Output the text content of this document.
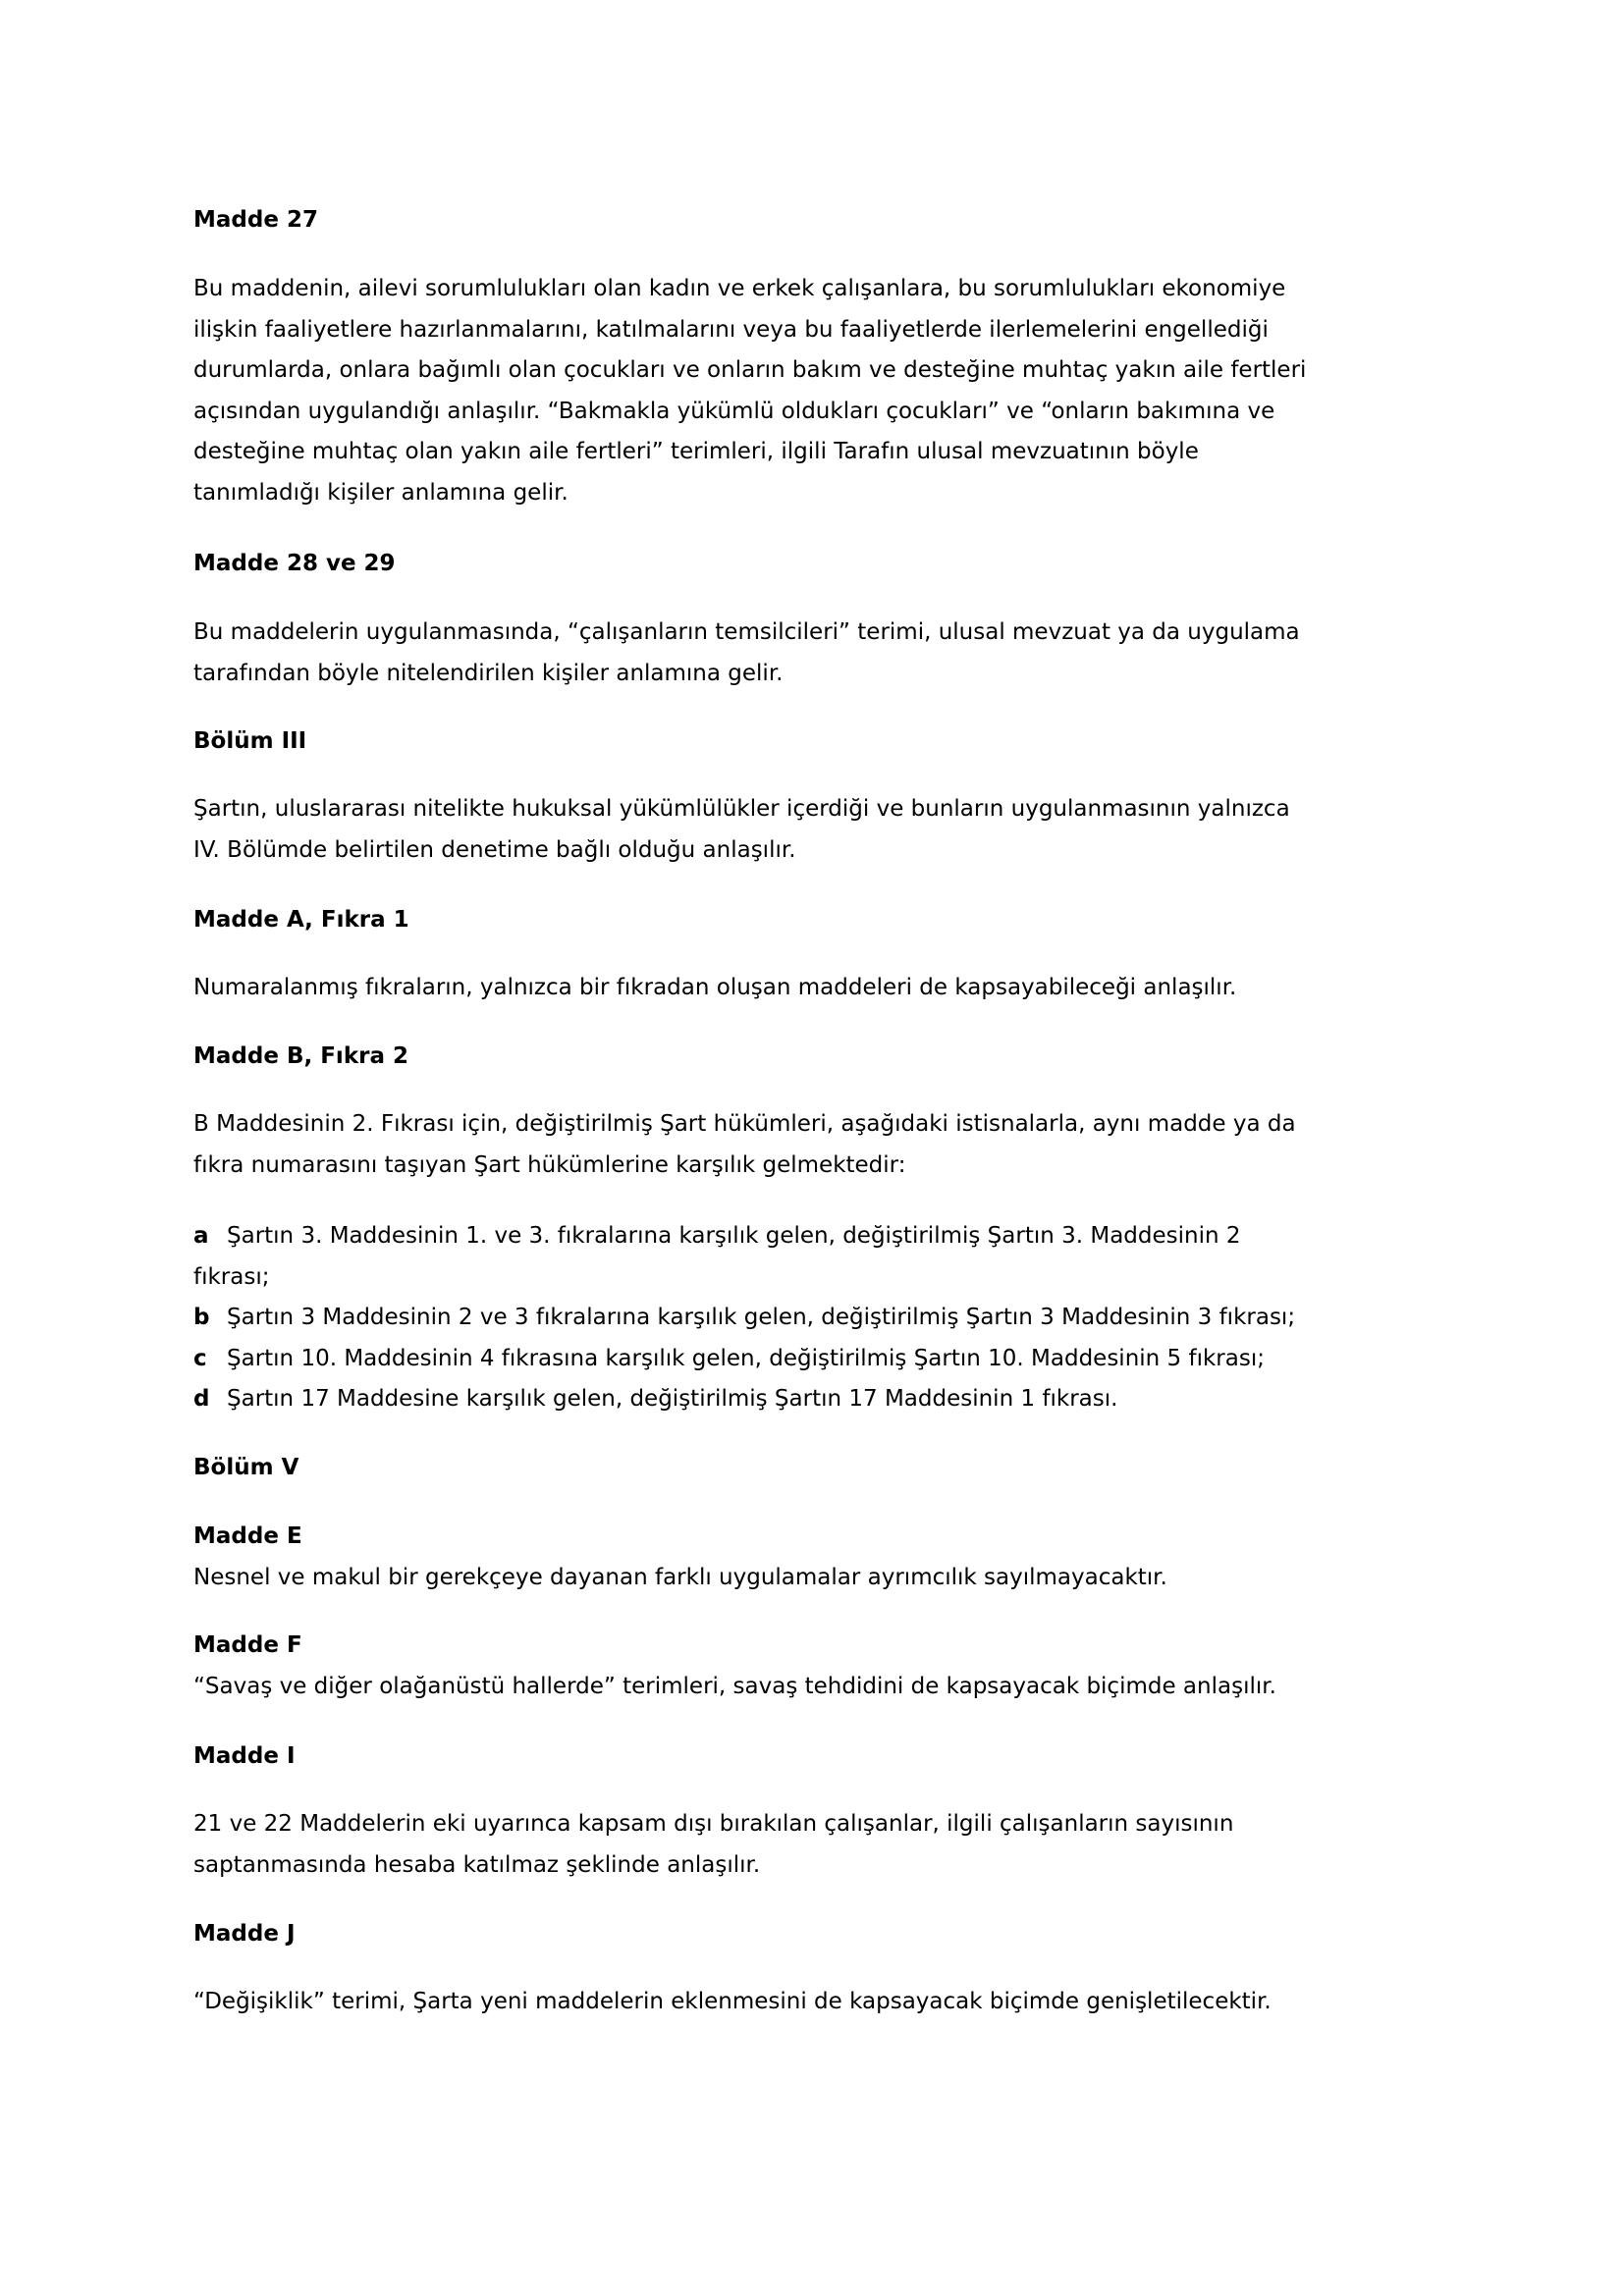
Madde 27
Bu maddenin, ailevi sorumlulukları olan kadın ve erkek çalışanlara, bu sorumlulukları ekonomiye
ilişkin faaliyetlere hazırlanmalarını, katılmalarını veya bu faaliyetlerde ilerlemelerini engellediği
durumlarda, onlara bağımlı olan çocukları ve onların bakım ve desteğine muhtaç yakın aile fertleri
açısından uygulandığı anlaşılır. “Bakmakla yükümlü oldukları çocukları” ve “onların bakımına ve
desteğine muhtaç olan yakın aile fertleri” terimleri, ilgili Tarafın ulusal mevzuatının böyle
tanımladığı kişiler anlamına gelir.
Madde 28 ve 29
Bu maddelerin uygulanmasında, “çalışanların temsilcileri” terimi, ulusal mevzuat ya da uygulama
tarafından böyle nitelendirilen kişiler anlamına gelir.
Bölüm III
Şartın, uluslararası nitelikte hukuksal yükümlülükler içerdiği ve bunların uygulanmasının yalnızca
IV. Bölümde belirtilen denetime bağlı olduğu anlaşılır.
Madde A, Fıkra 1
Numaralanmış fıkraların, yalnızca bir fıkradan oluşan maddeleri de kapsayabileceği anlaşılır.
Madde B, Fıkra 2
B Maddesinin 2. Fıkrası için, değiştirilmiş Şart hükümleri, aşağıdaki istisnalarla, aynı madde ya da
fıkra numarasını taşıyan Şart hükümlerine karşılık gelmektedir:
a Şartın 3. Maddesinin 1. ve 3. fıkralarına karşılık gelen, değiştirilmiş Şartın 3. Maddesinin 2
fıkrası;
b Şartın 3 Maddesinin 2 ve 3 fıkralarına karşılık gelen, değiştirilmiş Şartın 3 Maddesinin 3 fıkrası;
c Şartın 10. Maddesinin 4 fıkrasına karşılık gelen, değiştirilmiş Şartın 10. Maddesinin 5 fıkrası;
d Şartın 17 Maddesine karşılık gelen, değiştirilmiş Şartın 17 Maddesinin 1 fıkrası.
Bölüm V
Madde E
Nesnel ve makul bir gerekçeye dayanan farklı uygulamalar ayrımcılık sayılmayacaktır.
Madde F
“Savaş ve diğer olağanüstü hallerde” terimleri, savaş tehdidini de kapsayacak biçimde anlaşılır.
Madde I
21 ve 22 Maddelerin eki uyarınca kapsam dışı bırakılan çalışanlar, ilgili çalışanların sayısının
saptanmasında hesaba katılmaz şeklinde anlaşılır.
Madde J
“Değişiklik” terimi, Şarta yeni maddelerin eklenmesini de kapsayacak biçimde genişletilecektir.
